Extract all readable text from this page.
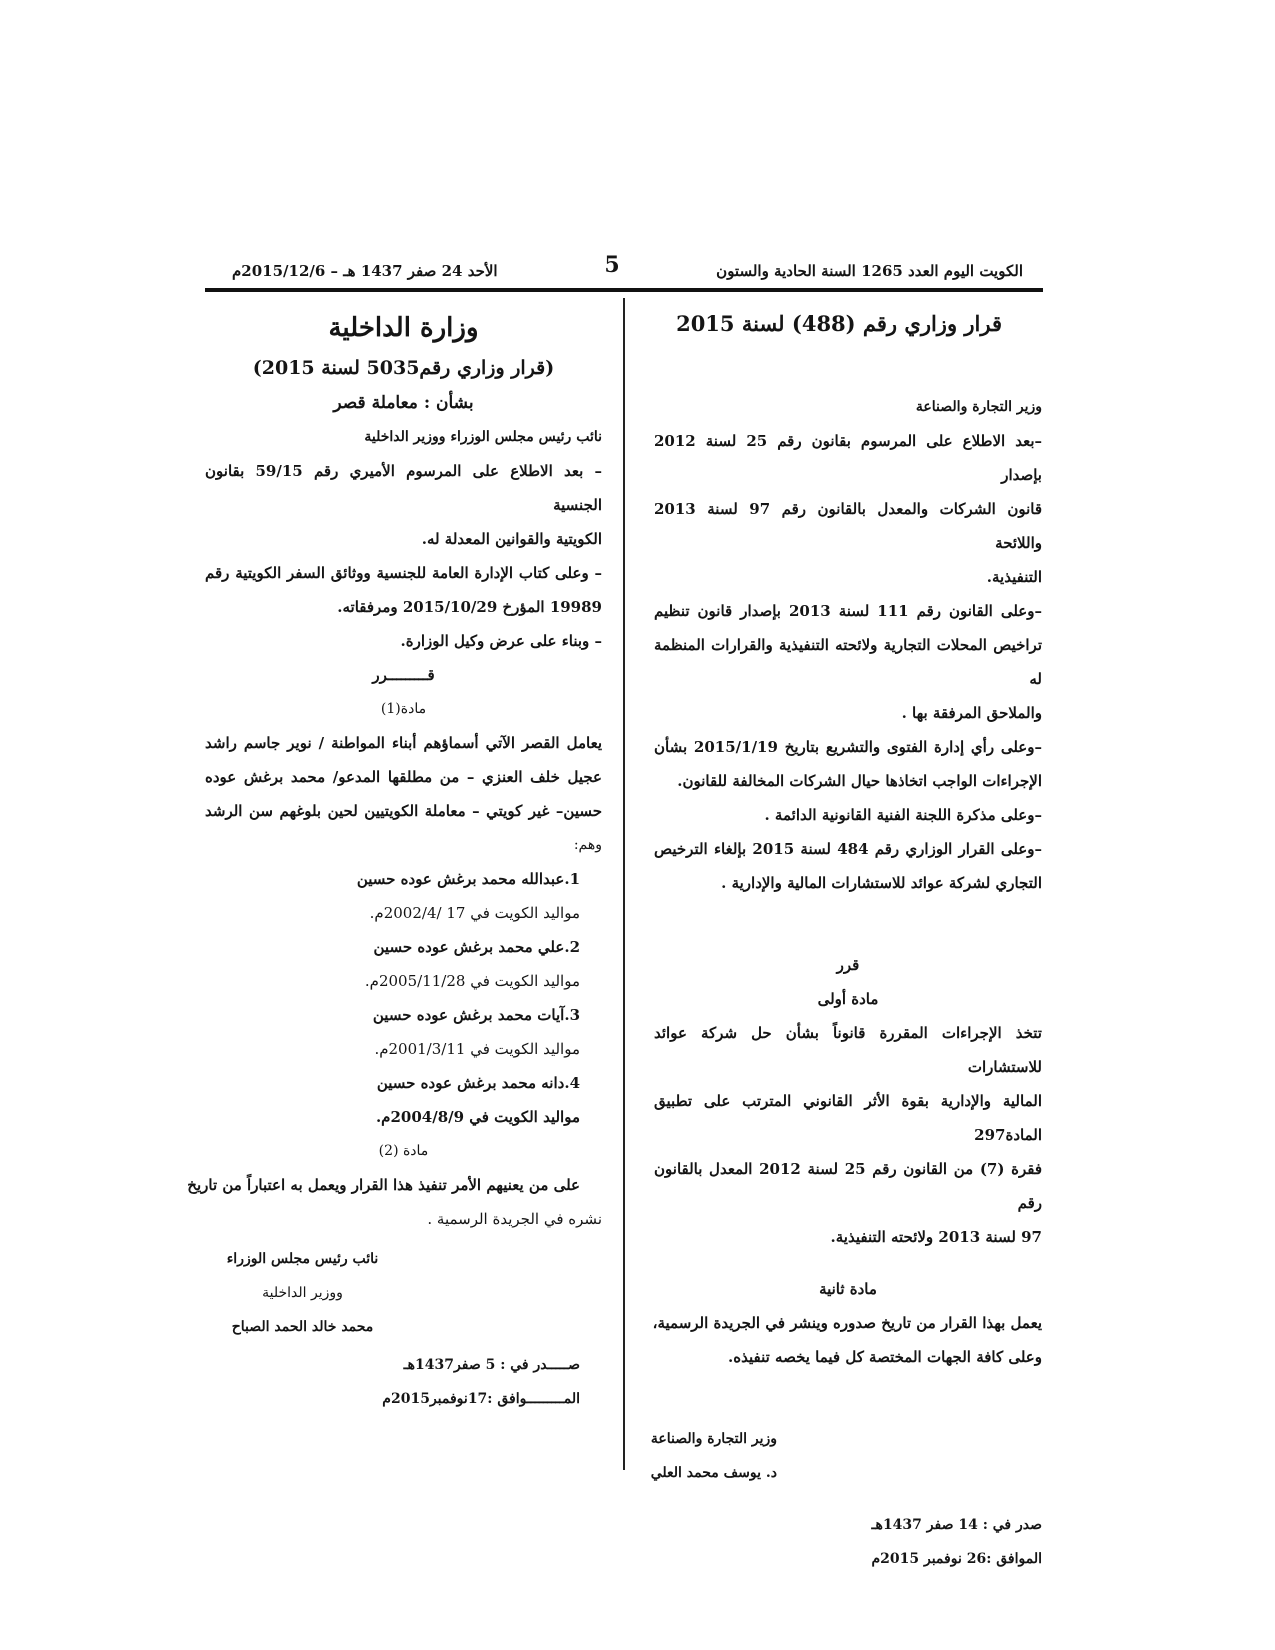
الكويت اليوم العدد 1265 السنة الحادية والستون
5
الأحد 24 صفر 1437 هـ – 2015/12/6م

قرار وزاري رقم (488) لسنة 2015

وزير التجارة والصناعة

–بعد الاطلاع على المرسوم بقانون رقم 25 لسنة 2012 بإصدار

قانون الشركات والمعدل بالقانون رقم 97 لسنة 2013 واللائحة

التنفيذية.

–وعلى القانون رقم 111 لسنة 2013 بإصدار قانون تنظيم

تراخيص المحلات التجارية ولائحته التنفيذية والقرارات المنظمة له

والملاحق المرفقة بها .

–وعلى رأي إدارة الفتوى والتشريع بتاريخ 2015/1/19 بشأن

الإجراءات الواجب اتخاذها حيال الشركات المخالفة للقانون.

–وعلى مذكرة اللجنة الفنية القانونية الدائمة .

–وعلى القرار الوزاري رقم 484 لسنة 2015 بإلغاء الترخيص

التجاري لشركة عوائد للاستشارات المالية والإدارية .

قرر

مادة أولى

تتخذ الإجراءات المقررة قانوناً بشأن حل شركة عوائد للاستشارات

المالية والإدارية بقوة الأثر القانوني المترتب على تطبيق المادة297

فقرة (7) من القانون رقم 25 لسنة 2012 المعدل بالقانون رقم

97 لسنة 2013 ولائحته التنفيذية.

مادة ثانية

يعمل بهذا القرار من تاريخ صدوره وينشر في الجريدة الرسمية،

وعلى كافة الجهات المختصة كل فيما يخصه تنفيذه.

وزير التجارة والصناعة

د. يوسف محمد العلي

صدر في : 14 صفر 1437هـ

الموافق :26 نوفمبر 2015م

وزارة الداخلية

(قرار وزاري رقم5035 لسنة 2015)

بشأن : معاملة قصر

نائب رئيس مجلس الوزراء ووزير الداخلية

– بعد الاطلاع على المرسوم الأميري رقم 59/15 بقانون الجنسية

الكويتية والقوانين المعدلة له.

– وعلى كتاب الإدارة العامة للجنسية ووثائق السفر الكويتية رقم

19989 المؤرخ 2015/10/29 ومرفقاته.

– وبناء على عرض وكيل الوزارة.

قـــــــــرر

مادة(1)

يعامل القصر الآتي أسماؤهم أبناء المواطنة / نوير جاسم راشد

عجيل خلف العنزي – من مطلقها المدعو/ محمد برغش عوده

حسين– غير كويتي – معاملة الكويتيين لحين بلوغهم سن الرشد

وهم:

1.عبدالله محمد برغش عوده حسين

مواليد الكويت في 17 /2002/4م.

2.علي محمد برغش عوده حسين

مواليد الكويت في 2005/11/28م.

3.آيات محمد برغش عوده حسين

مواليد الكويت في 2001/3/11م.

4.دانه محمد برغش عوده حسين

مواليد الكويت في 2004/8/9م.

مادة (2)

على من يعنيهم الأمر تنفيذ هذا القرار ويعمل به اعتباراً من تاريخ

نشره في الجريدة الرسمية .

نائب رئيس مجلس الوزراء

ووزير الداخلية

محمد خالد الحمد الصباح

صـــــدر في : 5 صفر1437هـ

المـــــــــوافق :17نوفمبر2015م
